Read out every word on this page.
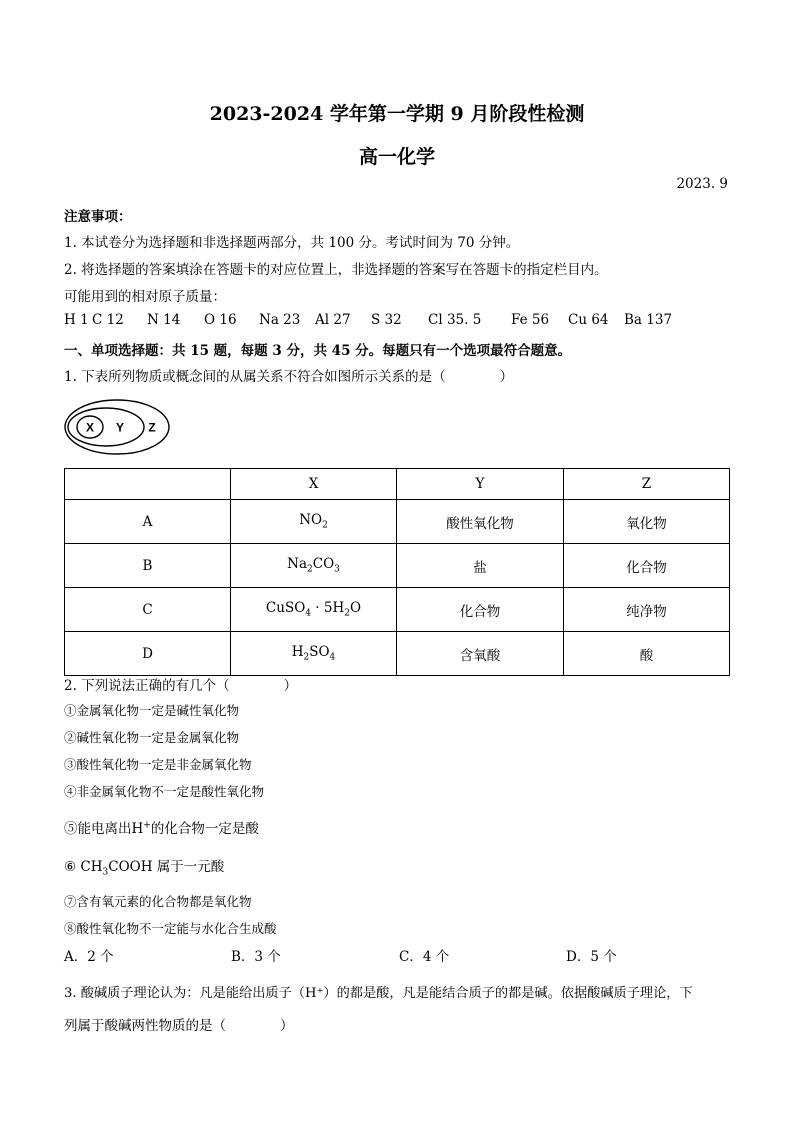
2023-2024 学年第一学期 9 月阶段性检测
高一化学
2023. 9
注意事项：
1. 本试卷分为选择题和非选择题两部分，共 100 分。考试时间为 70 分钟。
2. 将选择题的答案填涂在答题卡的对应位置上，非选择题的答案写在答题卡的指定栏目内。
可能用到的相对原子质量：
H 1 C 12 N 14 O 16 Na 23 Al 27 S 32 Cl 35. 5 Fe 56 Cu 64 Ba 137
一、单项选择题：共 15 题，每题 3 分，共 45 分。每题只有一个选项最符合题意。
1. 下表所列物质或概念间的从属关系不符合如图所示关系的是（　　　　）
X Y Z
	X	Y	Z
A	$NO_2$	酸性氧化物	氧化物
B	$Na_2CO_3$	盐	化合物
C	CuSO$_4$ · $5H_2O$	化合物	纯净物
D	$H_2SO_4$	含氧酸	酸
2. 下列说法正确的有几个（　　　　）
①金属氧化物一定是碱性氧化物
②碱性氧化物一定是金属氧化物
③酸性氧化物一定是非金属氧化物
④非金属氧化物不一定是酸性氧化物
⑤能电离出H+的化合物一定是酸
⑥ $CH_3COOH$ 属于一元酸
⑦含有氧元素的化合物都是氧化物
⑧酸性氧化物不一定能与水化合生成酸
A．2 个	B．3 个	C．4 个	D．5 个
3. 酸碱质子理论认为：凡是能给出质子（H⁺）的都是酸，凡是能结合质子的都是碱。依据酸碱质子理论，下
列属于酸碱两性物质的是（　　　　）
